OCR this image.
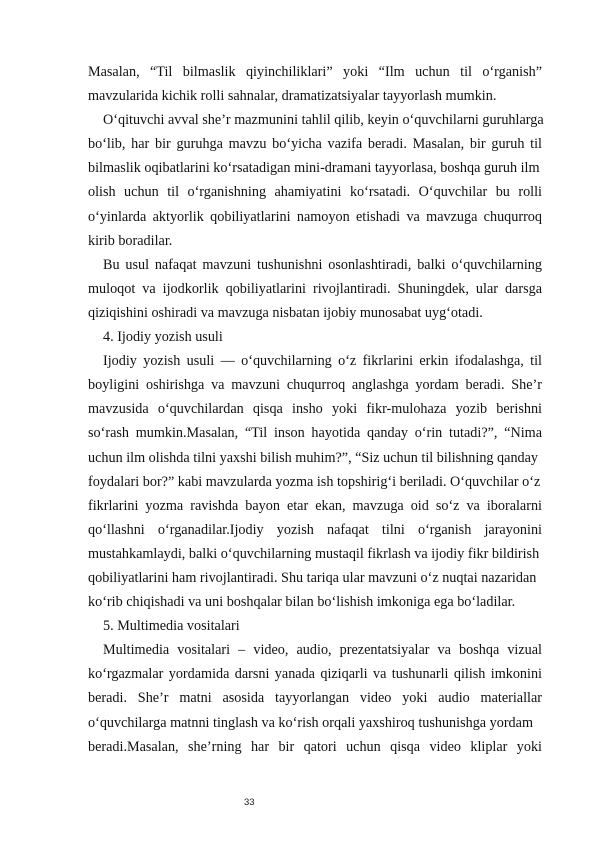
Masalan, “Til bilmaslik qiyinchiliklari” yoki “Ilm uchun til o‘rganish”
mavzularida kichik rolli sahnalar, dramatizatsiyalar tayyorlash mumkin.
O‘qituvchi avval she’r mazmunini tahlil qilib, keyin o‘quvchilarni guruhlarga
bo‘lib, har bir guruhga mavzu bo‘yicha vazifa beradi. Masalan, bir guruh til
bilmaslik oqibatlarini ko‘rsatadigan mini-dramani tayyorlasa, boshqa guruh ilm
olish uchun til o‘rganishning ahamiyatini ko‘rsatadi. O‘quvchilar bu rolli
o‘yinlarda aktyorlik qobiliyatlarini namoyon etishadi va mavzuga chuqurroq
kirib boradilar.
Bu usul nafaqat mavzuni tushunishni osonlashtiradi, balki o‘quvchilarning
muloqot va ijodkorlik qobiliyatlarini rivojlantiradi. Shuningdek, ular darsga
qiziqishini oshiradi va mavzuga nisbatan ijobiy munosabat uyg‘otadi.
4. Ijodiy yozish usuli
Ijodiy yozish usuli — o‘quvchilarning o‘z fikrlarini erkin ifodalashga, til
boyligini oshirishga va mavzuni chuqurroq anglashga yordam beradi. She’r
mavzusida o‘quvchilardan qisqa insho yoki fikr-mulohaza yozib berishni
so‘rash mumkin.Masalan, “Til inson hayotida qanday o‘rin tutadi?”, “Nima
uchun ilm olishda tilni yaxshi bilish muhim?”, “Siz uchun til bilishning qanday
foydalari bor?” kabi mavzularda yozma ish topshirig‘i beriladi. O‘quvchilar o‘z
fikrlarini yozma ravishda bayon etar ekan, mavzuga oid so‘z va iboralarni
qo‘llashni o‘rganadilar.Ijodiy yozish nafaqat tilni o‘rganish jarayonini
mustahkamlaydi, balki o‘quvchilarning mustaqil fikrlash va ijodiy fikr bildirish
qobiliyatlarini ham rivojlantiradi. Shu tariqa ular mavzuni o‘z nuqtai nazaridan
ko‘rib chiqishadi va uni boshqalar bilan bo‘lishish imkoniga ega bo‘ladilar.
5. Multimedia vositalari
Multimedia vositalari – video, audio, prezentatsiyalar va boshqa vizual
ko‘rgazmalar yordamida darsni yanada qiziqarli va tushunarli qilish imkonini
beradi. She’r matni asosida tayyorlangan video yoki audio materiallar
o‘quvchilarga matnni tinglash va ko‘rish orqali yaxshiroq tushunishga yordam
beradi.Masalan, she’rning har bir qatori uchun qisqa video kliplar yoki
33
